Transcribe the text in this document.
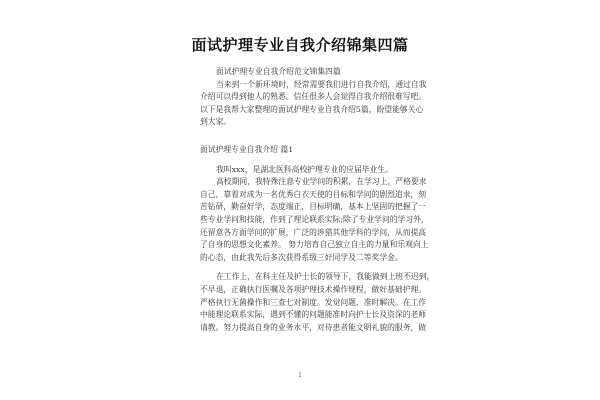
面试护理专业自我介绍锦集四篇
面试护理专业自我介绍范文锦集四篇
当来到一个新环境时，经常需要我们进行自我介绍，通过自我
介绍可以得到他人的熟悉。信任很多人会觉得自我介绍很难写吧。
以下是我帮大家整理的面试护理专业自我介绍5篇，盼望能够关心
到大家。
面试护理专业自我介绍 篇1
我叫xxx，是湖北医科高校护理专业的应届毕业生。
高校期间，我特殊注意专业学问的积累，在学习上，严格要求
自己，靠着对成为一名优秀白衣天使的目标和学问的剧烈追求，刻
苦钻研，勤奋好学，态度端正，目标明确，基本上坚固的把握了一
些专业学问和技能，作到了理论联系实际;除了专业学问的学习外，
还留意各方面学问的扩展，广泛的涉猎其他学科的学问，从而提高
了自身的思想文化素养。 努力培育自己独立自主的力量和乐观向上
的心态，由此我先后多次获得系级三好同学及二等奖学金。
在工作上，在科主任及护士长的领导下，我能做到上班不迟到，
不早退，正确执行医嘱及各项护理技术操作规程，做好基础护理。
严格执行无菌操作和三查七对制度。发觉问题，准时解决。在工作
中能理论联系实际，遇到不懂的问题能准时向护士长及资深的老师
请教。努力提高自身的业务水平，对待患者能文明礼貌的服务，做
1
